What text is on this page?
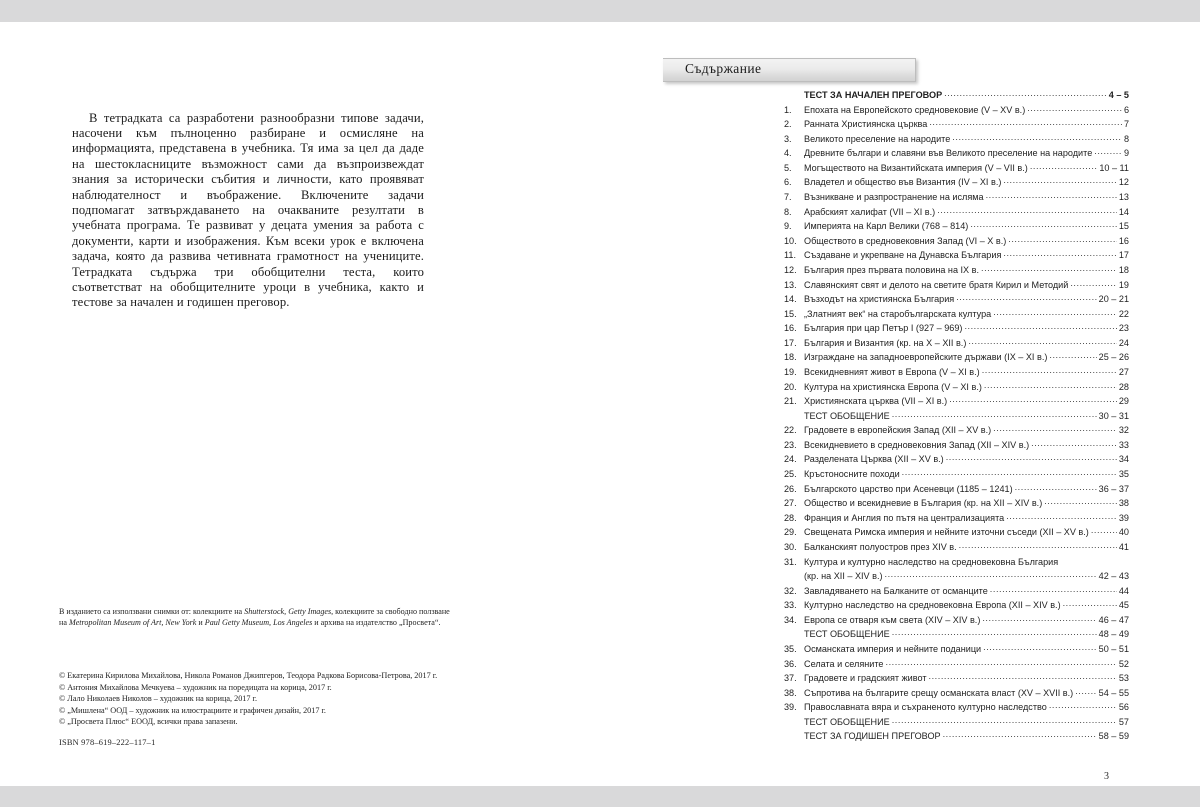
В тетрадката са разработени разнообразни типове задачи, насочени към пълноценно разбиране и осмисляне на информацията, представена в учебника. Тя има за цел да даде на шестокласниците възможност сами да възпроизвеждат знания за исторически събития и личности, като проявяват наблюдателност и въображение. Включените задачи подпомагат затвърждаването на очакваните резултати в учебната програма. Те развиват у децата умения за работа с документи, карти и изображения. Към всеки урок е включена задача, която да развива четивната грамотност на учениците. Тетрадката съдържа три обобщителни теста, които съответстват на обобщителните уроци в учебника, както и тестове за начален и годишен преговор.

В изданието са използвани снимки от: колекциите на Shutterstock, Getty Images, колекциите за свободно ползване
на Metropolitan Museum of Art, New York и Paul Getty Museum, Los Angeles и архива на издателство „Просвета“.
© Екатерина Кирилова Михайлова, Никола Романов Джипгеров, Теодора Радкова Борисова-Петрова, 2017 г.
© Антония Михайлова Мечкуева – художник на поредицата на корица, 2017 г.
© Лало Николаев Николов – художник на корица, 2017 г.
© „Мишлена“ ООД – художник на илюстрациите и графичен дизайн, 2017 г.
© „Просвета Плюс“ ЕООД, всички права запазени.
ISBN 978–619–222–117–1
Съдържание
ТЕСТ ЗА НАЧАЛЕН ПРЕГОВОР .....	4 – 5
1.	Епохата на Европейското средновековие (V – XV в.) .....	6
2.	Ранната Християнска църква .....	7
3.	Великото преселение на народите .....	8
4.	Древните българи и славяни във Великото преселение на народите .....	9
5.	Могъществото на Византийската империя (V – VII в.) .....	10 – 11
6.	Владетел и общество във Византия (IV – XI в.) .....	12
7.	Възникване и разпространение на исляма .....	13
8.	Арабският халифат (VII – XI в.) .....	14
9.	Империята на Карл Велики (768 – 814) .....	15
10. Обществото в средновековния Запад (VI – X в.) .....	16
11. Създаване и укрепване на Дунавска България .....	17
12. България през първата половина на IX в. .....	18
13. Славянският свят и делото на светите братя Кирил и Методий .....	19
14. Възходът на християнска България .....	20 – 21
15. „Златният век“ на старобългарската култура .....	22
16. България при цар Петър I (927 – 969) .....	23
17. България и Византия (кр. на X – XII в.) .....	24
18. Изграждане на западноевропейските държави (IX – XI в.) .....	25 – 26
19. Всекидневният живот в Европа (V – XI в.) .....	27
20. Култура на християнска Европа (V – XI в.) .....	28
21. Християнската църква (VII – XI в.) .....	29
ТЕСТ ОБОБЩЕНИЕ .....	30 – 31
22. Градовете в европейския Запад (XII – XV в.) .....	32
23. Всекидневието в средновековния Запад (XII – XIV в.) .....	33
24. Разделената Църква (XII – XV в.) .....	34
25. Кръстоносните походи .....	35
26. Българското царство при Асеневци (1185 – 1241) .....	36 – 37
27. Общество и всекидневие в България (кр. на XII – XIV в.) .....	38
28. Франция и Англия по пътя на централизацията .....	39
29. Свещената Римска империя и нейните източни съседи (XII – XV в.) .....	40
30. Балканският полуостров през XIV в. .....	41
31. Култура и културно наследство на средновековна България
(кр. на XII – XIV в.) .....	42 – 43
32. Завладяването на Балканите от османците .....	44
33. Културно наследство на средновековна Европа (XII – XIV в.) .....	45
34. Европа се отваря към света (XIV – XIV в.) .....	46 – 47
ТЕСТ ОБОБЩЕНИЕ .....	48 – 49
35. Османската империя и нейните поданици .....	50 – 51
36. Селата и селяните .....	52
37. Градовете и градският живот .....	53
38. Съпротива на българите срещу османската власт (XV – XVII в.) .....	54 – 55
39. Православната вяра и съхраненото културно наследство .....	56
ТЕСТ ОБОБЩЕНИЕ .....	57
ТЕСТ ЗА ГОДИШЕН ПРЕГОВОР .....	58 – 59
3
